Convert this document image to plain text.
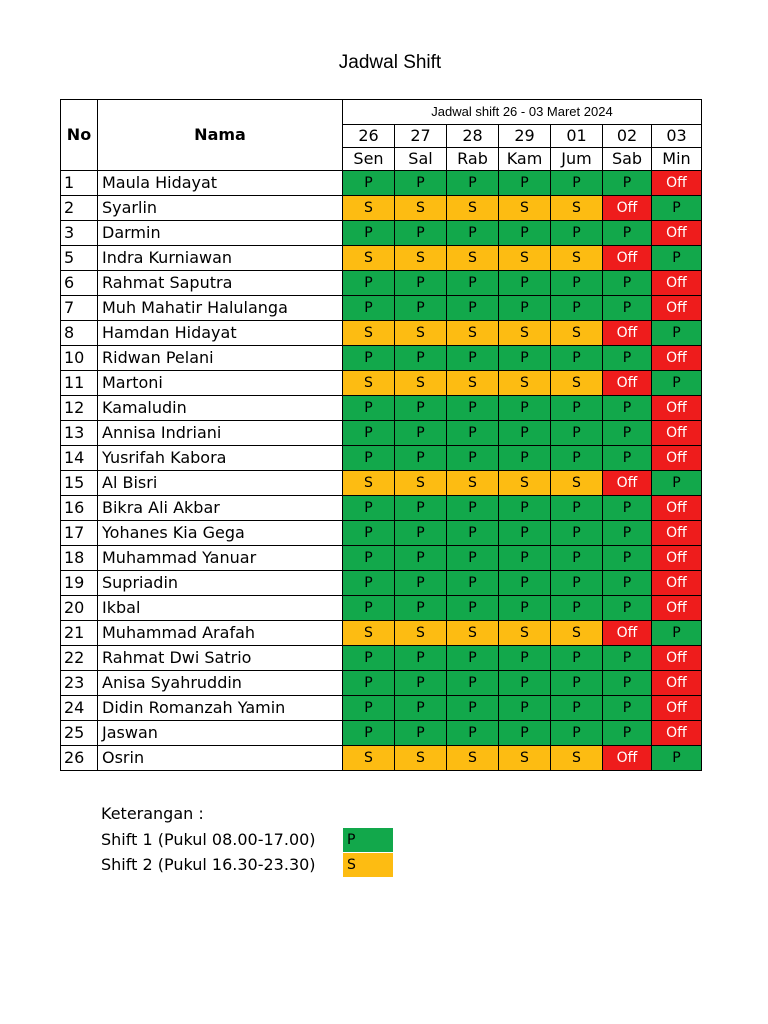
Jadwal Shift
No	Nama	Jadwal shift 26 - 03 Maret 2024						
		26	27	28	29	01	02	03
		Sen	Sal	Rab	Kam	Jum	Sab	Min
1	Maula Hidayat	P	P	P	P	P	P	Off
2	Syarlin	S	S	S	S	S	Off	P
3	Darmin	P	P	P	P	P	P	Off
5	Indra Kurniawan	S	S	S	S	S	Off	P
6	Rahmat Saputra	P	P	P	P	P	P	Off
7	Muh Mahatir Halulanga	P	P	P	P	P	P	Off
8	Hamdan Hidayat	S	S	S	S	S	Off	P
10	Ridwan Pelani	P	P	P	P	P	P	Off
11	Martoni	S	S	S	S	S	Off	P
12	Kamaludin	P	P	P	P	P	P	Off
13	Annisa Indriani	P	P	P	P	P	P	Off
14	Yusrifah Kabora	P	P	P	P	P	P	Off
15	Al Bisri	S	S	S	S	S	Off	P
16	Bikra Ali Akbar	P	P	P	P	P	P	Off
17	Yohanes Kia Gega	P	P	P	P	P	P	Off
18	Muhammad Yanuar	P	P	P	P	P	P	Off
19	Supriadin	P	P	P	P	P	P	Off
20	Ikbal	P	P	P	P	P	P	Off
21	Muhammad Arafah	S	S	S	S	S	Off	P
22	Rahmat Dwi Satrio	P	P	P	P	P	P	Off
23	Anisa Syahruddin	P	P	P	P	P	P	Off
24	Didin Romanzah Yamin	P	P	P	P	P	P	Off
25	Jaswan	P	P	P	P	P	P	Off
26	Osrin	S	S	S	S	S	Off	P
Keterangan :
Shift 1 (Pukul 08.00-17.00) P
Shift 2 (Pukul 16.30-23.30) S
